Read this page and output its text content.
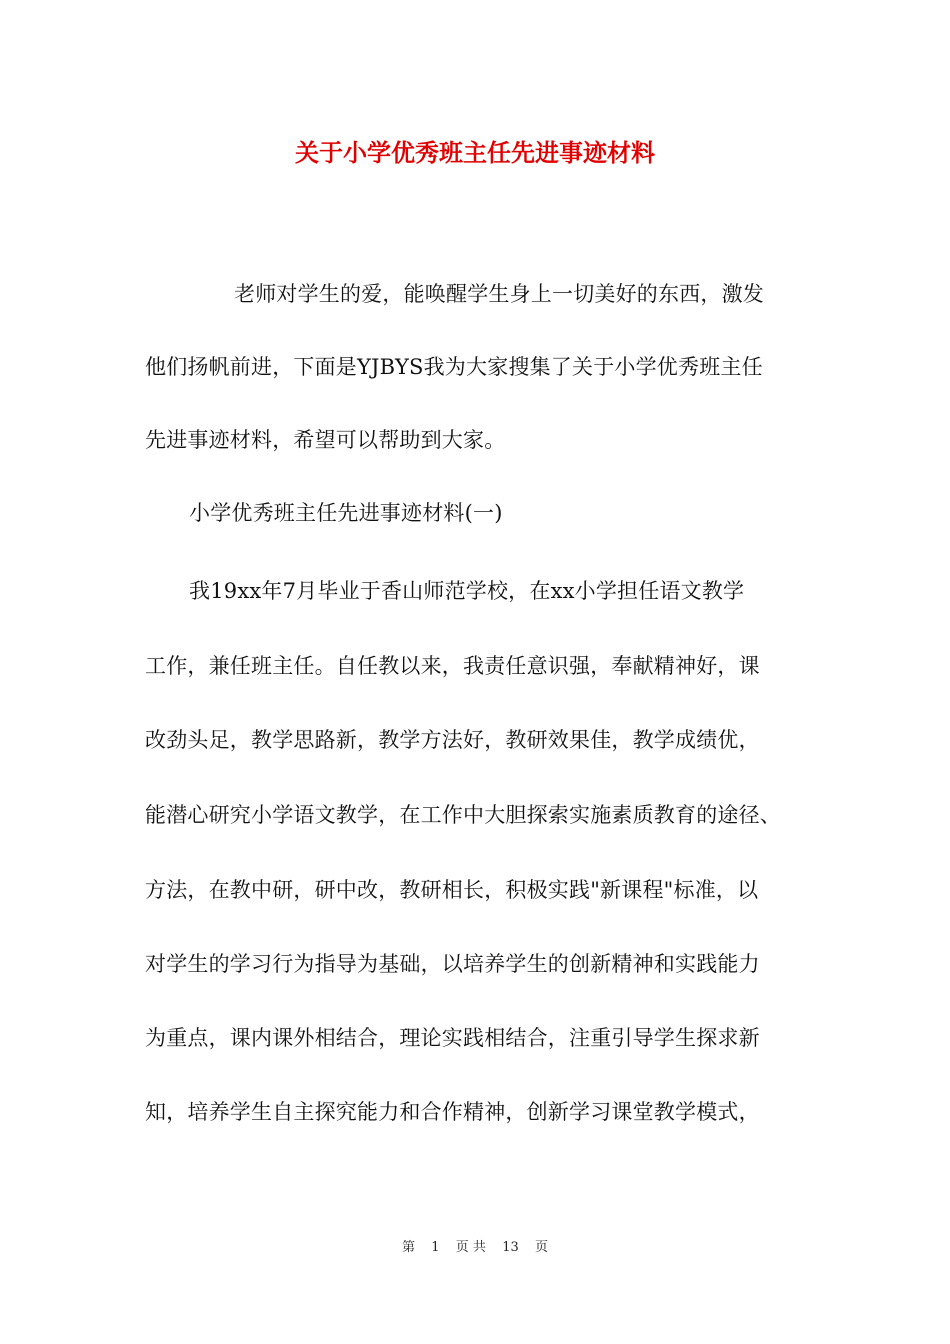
关于小学优秀班主任先进事迹材料
老师对学生的爱，能唤醒学生身上一切美好的东西，激发
他们扬帆前进，下面是YJBYS我为大家搜集了关于小学优秀班主任
先进事迹材料，希望可以帮助到大家。
小学优秀班主任先进事迹材料(一)
我19xx年7月毕业于香山师范学校，在xx小学担任语文教学
工作，兼任班主任。自任教以来，我责任意识强，奉献精神好，课
改劲头足，教学思路新，教学方法好，教研效果佳，教学成绩优，
能潜心研究小学语文教学，在工作中大胆探索实施素质教育的途径、
方法，在教中研，研中改，教研相长，积极实践"新课程"标准，以
对学生的学习行为指导为基础，以培养学生的创新精神和实践能力
为重点，课内课外相结合，理论实践相结合，注重引导学生探求新
知，培养学生自主探究能力和合作精神，创新学习课堂教学模式，
第 1 页 共 13 页
